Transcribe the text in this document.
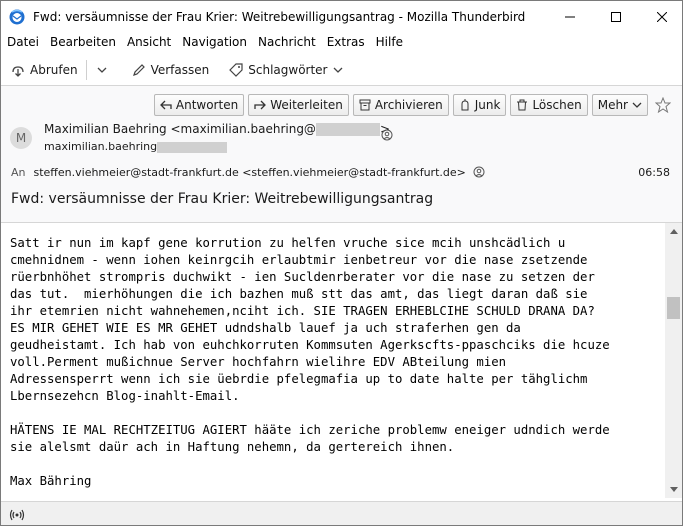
Fwd: versäumnisse der Frau Krier: Weitrebewilligungsantrag - Mozilla Thunderbird
Datei Bearbeiten Ansicht Navigation Nachricht Extras Hilfe
Abrufen	Verfassen	Schlagwörter
Antworten	Weiterleiten	Archivieren	Junk	Löschen Mehr
M
Maximilian Baehring <maximilian.baehring@	>
maximilian.baehring
An steffen.viehmeier@stadt-frankfurt.de <steffen.viehmeier@stadt-frankfurt.de>	06:58
Fwd: versäumnisse der Frau Krier: Weitrebewilligungsantrag
Satt ir nun im kapf gene korrution zu helfen vruche sice mcih unshcädlich u
cmehnidnem - wenn iohen keinrgcih erlaubtmir ienbetreur vor die nase zsetzende
rüerbnhöhet strompris duchwikt - ien Sucldenrberater vor die nase zu setzen der
das tut.  mierhöhungen die ich bazhen muß stt das amt, das liegt daran daß sie
ihr etemrien nicht wahnehemen,nciht ich. SIE TRAGEN ERHEBLCIHE SCHULD DRANA DA?
ES MIR GEHET WIE ES MR GEHET udndshalb lauef ja uch straferhen gen da
geudheistamt. Ich hab von euhchkorruten Kommsuten Agerkscfts-ppaschciks die hcuze
voll.Perment mußichnue Server hochfahrn wielihre EDV ABteilung mien
Adressensperrt wenn ich sie üebrdie pfelegmafia up to date halte per tähglichm
Lbernsezehcn Blog-inahlt-Email.

HÄTENS IE MAL RECHTZEITUG AGIERT hääte ich zeriche problemw eneiger udndich werde
sie alelsmt daür ach in Haftung nehemn, da gertereich ihnen.

Max Bähring
